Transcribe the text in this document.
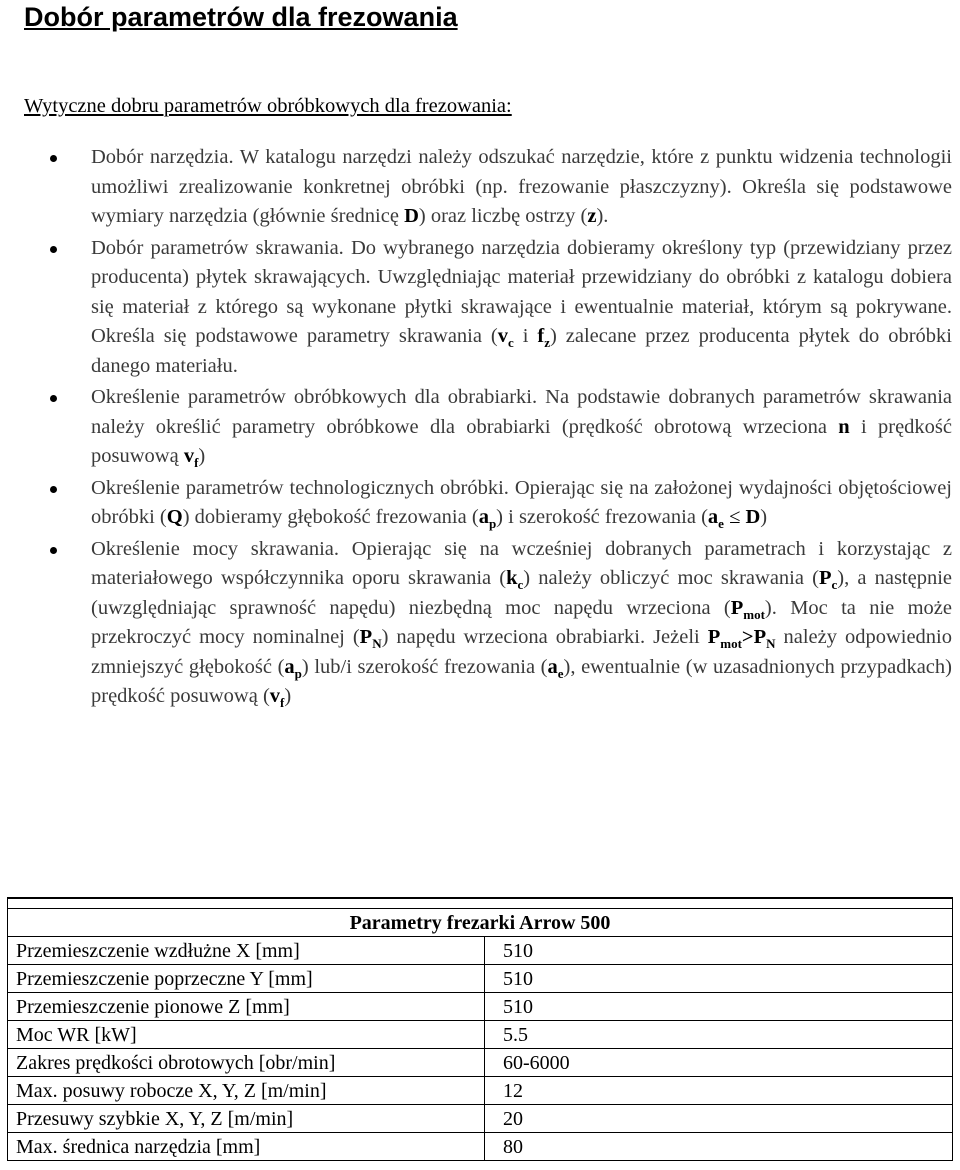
Dobór parametrów dla frezowania

Wytyczne dobru parametrów obróbkowych dla frezowania:

Dobór narzędzia. W katalogu narzędzi należy odszukać narzędzie, które z punktu widzenia technologii umożliwi zrealizowanie konkretnej obróbki (np. frezowanie płaszczyzny). Określa się podstawowe wymiary narzędzia (głównie średnicę D) oraz liczbę ostrzy (z).
Dobór parametrów skrawania. Do wybranego narzędzia dobieramy określony typ (przewidziany przez producenta) płytek skrawających. Uwzględniając materiał przewidziany do obróbki z katalogu dobiera się materiał z którego są wykonane płytki skrawające i ewentualnie materiał, którym są pokrywane. Określa się podstawowe parametry skrawania ($v_c$ i $f_z$) zalecane przez producenta płytek do obróbki danego materiału.
Określenie parametrów obróbkowych dla obrabiarki. Na podstawie dobranych parametrów skrawania należy określić parametry obróbkowe dla obrabiarki (prędkość obrotową wrzeciona n i prędkość posuwową $v_f$)
Określenie parametrów technologicznych obróbki. Opierając się na założonej wydajności objętościowej obróbki (Q) dobieramy głębokość frezowania $(a_p)$ i szerokość frezowania $(a_e \le D)$
Określenie mocy skrawania. Opierając się na wcześniej dobranych parametrach i korzystając z materiałowego współczynnika oporu skrawania $(k_c)$ należy obliczyć moc skrawania $(P_c)$, a następnie (uwzględniając sprawność napędu) niezbędną moc napędu wrzeciona $(P_{mot})$. Moc ta nie może przekroczyć mocy nominalnej $(P_N)$ napędu wrzeciona obrabiarki. Jeżeli $P_{mot}>P_N$ należy odpowiednio zmniejszyć głębokość $(a_p)$ lub/i szerokość frezowania $(a_e)$, ewentualnie (w uzasadnionych przypadkach) prędkość posuwową $(v_f)$

Parametry frezarki Arrow 500	
Przemieszczenie wzdłużne X [mm]	510
Przemieszczenie poprzeczne Y [mm]	510
Przemieszczenie pionowe Z [mm]	510
Moc WR [kW]	5.5
Zakres prędkości obrotowych [obr/min]	60-6000
Max. posuwy robocze X, Y, Z [m/min]	12
Przesuwy szybkie X, Y, Z [m/min]	20
Max. średnica narzędzia [mm]	80
